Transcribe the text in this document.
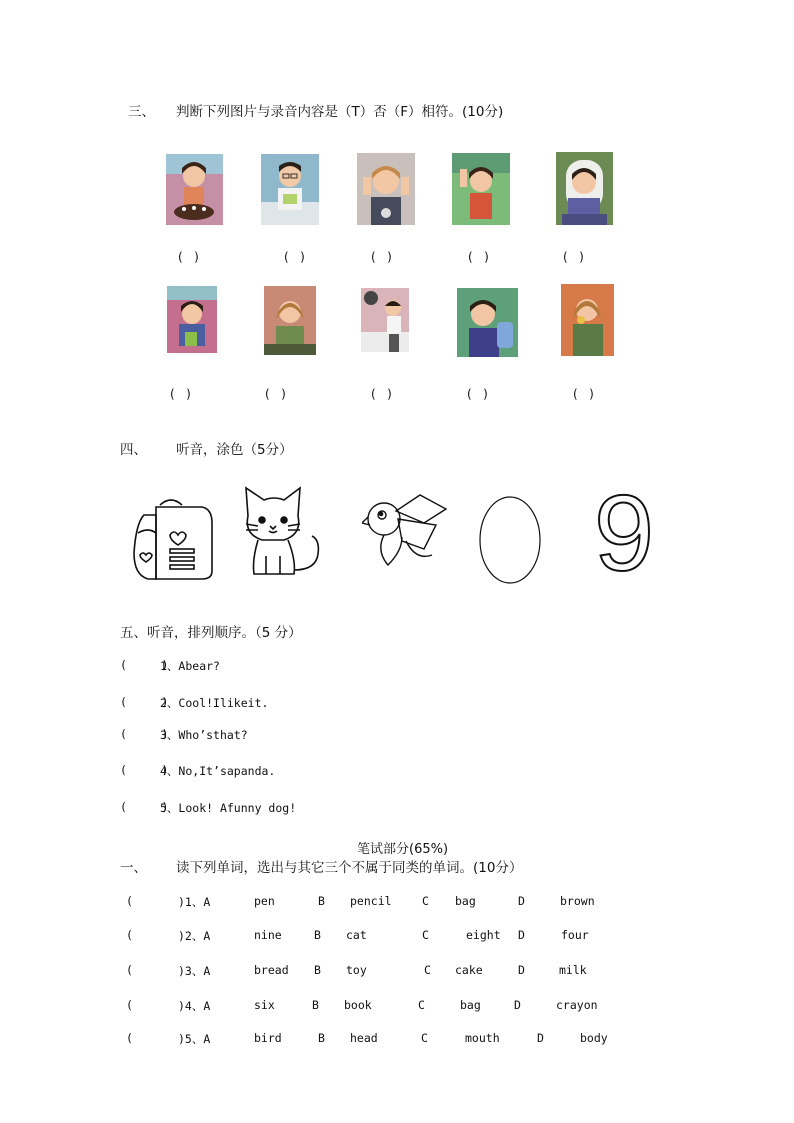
三、 判断下列图片与录音内容是（T）否（F）相符。(10分)
(   )	(   )	(   )	(   )	(   )
(   )	(   )	(   )	(   )	(   )
四、 听音，涂色（5分）
9
五、听音，排列顺序。（5 分）
(     )
1、Abear?
(     )
2、Cool!Ilikeit.
(     )
3、Who’sthat?
(     )
4、No,It’sapanda.
(     )
5、Look! Afunny dog!
笔试部分(65%)
一、 读下列单词，选出与其它三个不属于同类的单词。(10分）
(	)1、A	pen	B pencil	C bag	D	brown
(	)2、A	nine	B cat	C	eight D	four
(	)3、A	bread B toy	C cake	D	milk
(	)4、A	six	B book	C	bag	D	crayon
(	)5、A	bird	B head	C	mouth	D	body
